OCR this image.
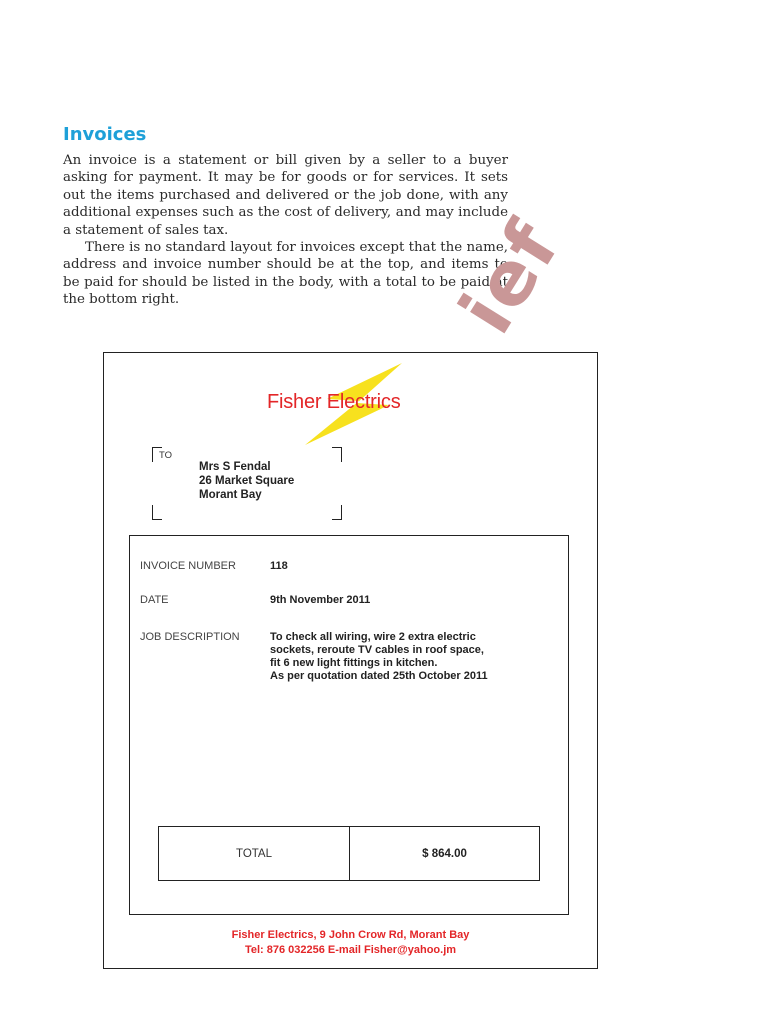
Invoices

An invoice is a statement or bill given by a seller to a buyer asking for payment. It may be for goods or for services. It sets out the items purchased and delivered or the job done, with any additional expenses such as the cost of delivery, and may include a statement of sales tax.

There is no standard layout for invoices except that the name, address and invoice number should be at the top, and items to be paid for should be listed in the body, with a total to be paid at the bottom right.	ief
Fisher Electrics
TO
Mrs S Fendal
26 Market Square
Morant Bay
INVOICE NUMBER	118
DATE	9th November 2011
JOB DESCRIPTION	To check all wiring, wire 2 extra electric
sockets, reroute TV cables in roof space,
fit 6 new light fittings in kitchen.
As per quotation dated 25th October 2011
TOTAL	$ 864.00
Fisher Electrics, 9 John Crow Rd, Morant Bay
Tel: 876 032256 E-mail Fisher@yahoo.jm
